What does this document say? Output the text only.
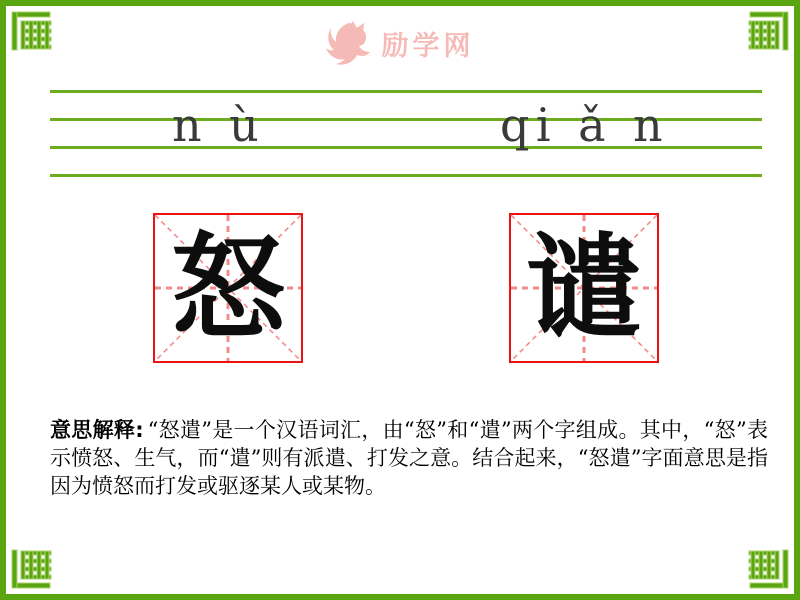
励学网
n ù	qi ǎ n
怒 谴

意思解释: “怒遣”是一个汉语词汇，由“怒”和“遣”两个字组成。其中，“怒”表示愤怒、生气，而“遣”则有派遣、打发之意。结合起来，“怒遣”字面意思是指因为愤怒而打发或驱逐某人或某物。
